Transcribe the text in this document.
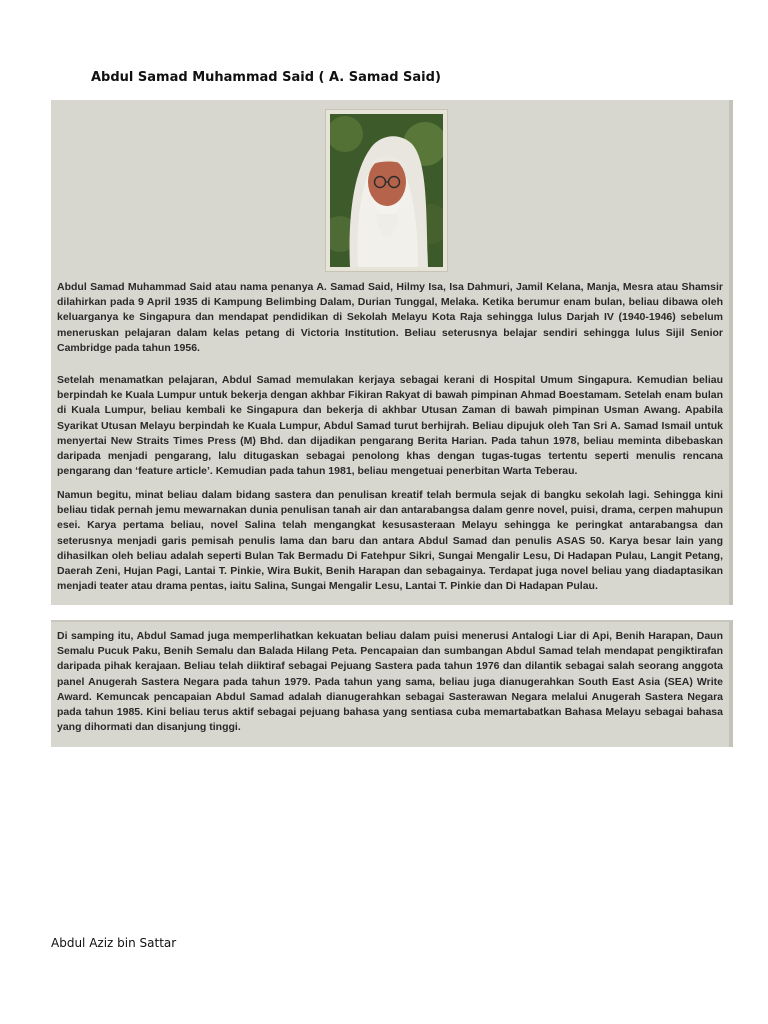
Abdul Samad Muhammad Said ( A. Samad Said)

Abdul Samad Muhammad Said atau nama penanya A. Samad Said, Hilmy Isa, Isa Dahmuri, Jamil Kelana, Manja, Mesra atau Shamsir dilahirkan pada 9 April 1935 di Kampung Belimbing Dalam, Durian Tunggal, Melaka. Ketika berumur enam bulan, beliau dibawa oleh keluarganya ke Singapura dan mendapat pendidikan di Sekolah Melayu Kota Raja sehingga lulus Darjah IV (1940-1946) sebelum meneruskan pelajaran dalam kelas petang di Victoria Institution. Beliau seterusnya belajar sendiri sehingga lulus Sijil Senior Cambridge pada tahun 1956.

Setelah menamatkan pelajaran, Abdul Samad memulakan kerjaya sebagai kerani di Hospital Umum Singapura. Kemudian beliau berpindah ke Kuala Lumpur untuk bekerja dengan akhbar Fikiran Rakyat di bawah pimpinan Ahmad Boestamam. Setelah enam bulan di Kuala Lumpur, beliau kembali ke Singapura dan bekerja di akhbar Utusan Zaman di bawah pimpinan Usman Awang. Apabila Syarikat Utusan Melayu berpindah ke Kuala Lumpur, Abdul Samad turut berhijrah. Beliau dipujuk oleh Tan Sri A. Samad Ismail untuk menyertai New Straits Times Press (M) Bhd. dan dijadikan pengarang Berita Harian. Pada tahun 1978, beliau meminta dibebaskan daripada menjadi pengarang, lalu ditugaskan sebagai penolong khas dengan tugas-tugas tertentu seperti menulis rencana pengarang dan ‘feature article’. Kemudian pada tahun 1981, beliau mengetuai penerbitan Warta Teberau.

Namun begitu, minat beliau dalam bidang sastera dan penulisan kreatif telah bermula sejak di bangku sekolah lagi. Sehingga kini beliau tidak pernah jemu mewarnakan dunia penulisan tanah air dan antarabangsa dalam genre novel, puisi, drama, cerpen mahupun esei. Karya pertama beliau, novel Salina telah mengangkat kesusasteraan Melayu sehingga ke peringkat antarabangsa dan seterusnya menjadi garis pemisah penulis lama dan baru dan antara Abdul Samad dan penulis ASAS 50. Karya besar lain yang dihasilkan oleh beliau adalah seperti Bulan Tak Bermadu Di Fatehpur Sikri, Sungai Mengalir Lesu, Di Hadapan Pulau, Langit Petang, Daerah Zeni, Hujan Pagi, Lantai T. Pinkie, Wira Bukit, Benih Harapan dan sebagainya. Terdapat juga novel beliau yang diadaptasikan menjadi teater atau drama pentas, iaitu Salina, Sungai Mengalir Lesu, Lantai T. Pinkie dan Di Hadapan Pulau.

Di samping itu, Abdul Samad juga memperlihatkan kekuatan beliau dalam puisi menerusi Antalogi Liar di Api, Benih Harapan, Daun Semalu Pucuk Paku, Benih Semalu dan Balada Hilang Peta. Pencapaian dan sumbangan Abdul Samad telah mendapat pengiktirafan daripada pihak kerajaan. Beliau telah diiktiraf sebagai Pejuang Sastera pada tahun 1976 dan dilantik sebagai salah seorang anggota panel Anugerah Sastera Negara pada tahun 1979. Pada tahun yang sama, beliau juga dianugerahkan South East Asia (SEA) Write Award. Kemuncak pencapaian Abdul Samad adalah dianugerahkan sebagai Sasterawan Negara melalui Anugerah Sastera Negara pada tahun 1985. Kini beliau terus aktif sebagai pejuang bahasa yang sentiasa cuba memartabatkan Bahasa Melayu sebagai bahasa yang dihormati dan disanjung tinggi.

Abdul Aziz bin Sattar
